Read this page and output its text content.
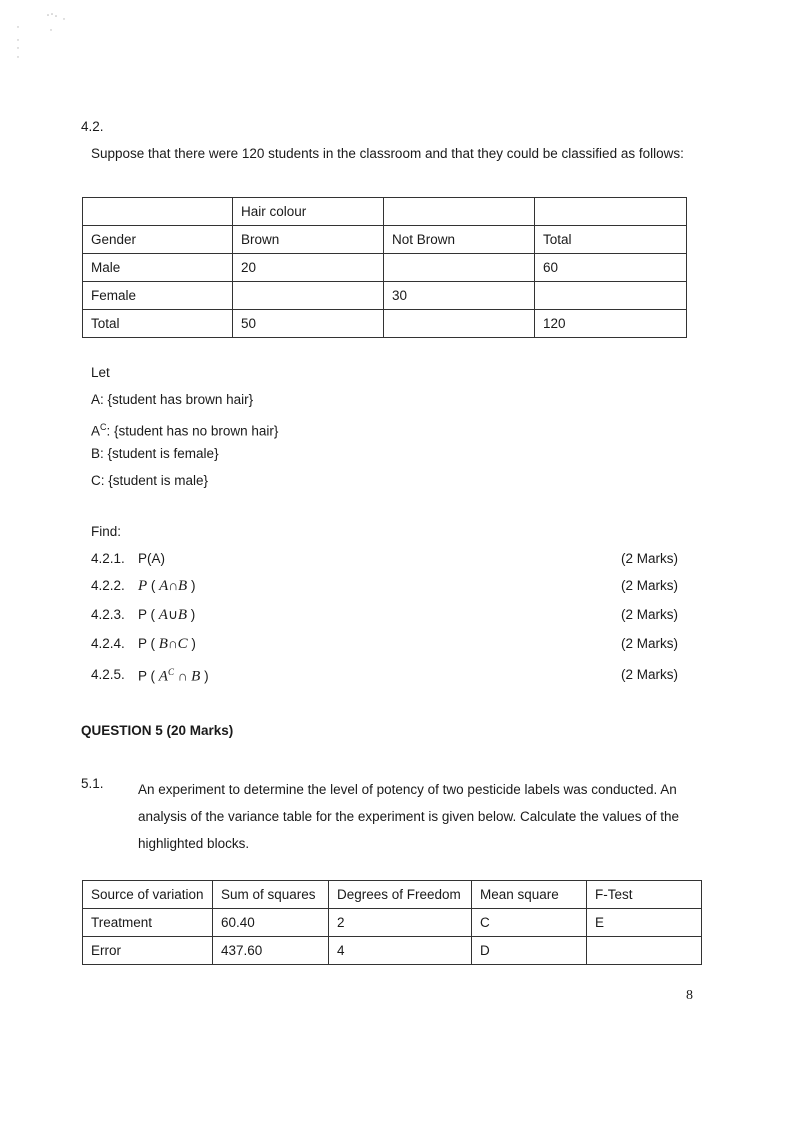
4.2.
Suppose that there were 120 students in the classroom and that they could be classified as follows:
	Hair colour		
Gender	Brown	Not Brown	Total
Male	20		60
Female		30	
Total	50		120
Let
A: {student has brown hair}
$A^C$: {student has no brown hair}
B: {student is female}
C: {student is male}
Find:
4.2.1. P(A)	(2 Marks)
4.2.2. P ( A∩B )	(2 Marks)
4.2.3. P ( A∪B )	(2 Marks)
4.2.4. P ( B∩C )	(2 Marks)
4.2.5. P ( $A^C$ ∩ B )	(2 Marks)
QUESTION 5 (20 Marks)
5.1.	An experiment to determine the level of potency of two pesticide labels was conducted. An
analysis of the variance table for the experiment is given below. Calculate the values of the
highlighted blocks.
Source of variation	Sum of squares	Degrees of Freedom	Mean square	F-Test
Treatment	60.40	2	C	E
Error	437.60	4	D	
8
